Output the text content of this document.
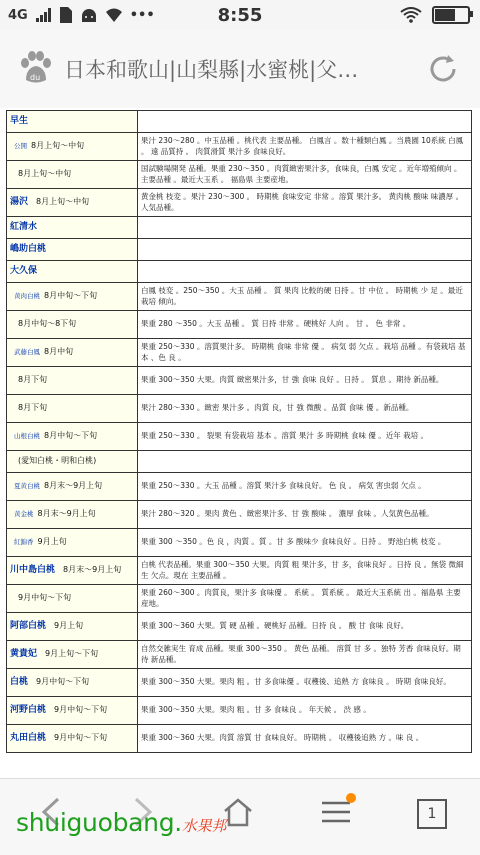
4G	•••	8:55
du 日本和歌山|山梨縣|水蜜桃|父…
早生	
公開 8月上旬～中旬	果汁 230～280 。中玉品種 。桃代表 主要品種。 白鳳言 。数十種類白鳳 。当農園 10系統 白鳳 。 遠 品質持 。 肉質滑質 果汁多 食味良好。
8月上旬～中旬	国試験場開発 品種。果重 230～350 。肉質緻密果汁多，食味良，白鳳 安定 。近年増殖傾向 。 主要品種 。最近大玉系 。 福島県 主要産地。
湯沢 8月上旬～中旬	黄金桃 枝変 。果汁 230～300 。 時期桃 食味安定 非常 。溶質 果汁多。 黄肉桃 酸味 味濃厚 。人気品種。
紅清水	
嶋助白桃	
大久保	
黄肉白桃 8月中旬～下旬	白鳳 枝変 。250～350 。大玉 品種 。 質 果肉 比較的硬 日持 。甘 中位 。 時期桃 少 足 。最近 栽培 傾向。
8月中旬～8下旬	果重 280 ～350 。大玉 品種 。 質 日持 非常 。硬桃好 人向 。 甘 。 色 非常 。
武藤白鳳 8月中旬	果重 250～330 。溶質果汁多。 時期桃 食味 非常 優 。 病気 弱 欠点 。栽培 品種 。有袋栽培 基本 、色 良 。
8月下旬	果重 300～350 大果。肉質 緻密果汁多，甘 強 食味 良好 。日持 。 質息 。期待 新品種。
8月下旬	果汁 280～330 。緻密 果汁多 。肉質 良，甘 強 微酸 。品質 食味 優 。新品種。
山根白桃 8月中旬～下旬	果重 250～330 。 裂果 有袋栽培 基本 。溶質 果汁 多 時期桃 食味 優 。近年 栽培 。
(愛知白桃・明和白桃)	
夏黄白桃 8月末～9月上旬	果重 250～330 。大玉 品種 。溶質 果汁多 食味良好。 色 良 。 病気 害虫弱 欠点 。
黄金桃 8月末～9月上旬	果汁 280～320 。果肉 黄色 、緻密果汁多、甘 強 酸味 。 濃厚 食味 。人気黄色品種。
紅錦香 9月上旬	果重 300 ～350 。色 良 ，肉質 。質 。甘 多 酸味少 食味良好 。日持 。 野池白桃 枝変 。
川中島白桃 8月末～9月上旬	白桃 代表品種。果重 300～350 大果。肉質 粗 果汁多，甘 多，食味良好 。日持 良 。無袋 微細 生 欠点。現在 主要品種 。
9月中旬～下旬	果重 260～300 。肉質良，果汁多 食味優 。 系統 。 質系統 。 最近大玉系統 出 。福島県 主要産地。
阿部白桃 9月上旬	果重 300～360 大果。質 硬 品種 。硬桃好 品種。日持 良 。 酸 甘 食味 良好。
黄貴妃 9月上旬～下旬	自然交雑実生 育成 品種。果重 300～350 。 黄色 品種。 溶質 甘 多 。独特 芳香 食味良好。期待 新品種。
白桃 9月中旬～下旬	果重 300～350 大果。果肉 粗 。甘 多食味優 。収穫後、追熟 方 食味良 。 時期 食味良好。
河野白桃 9月中旬～下旬	果重 300～350 大果。果肉 粗 。甘 多 食味良 。 年天候 。 渋 感 。
丸田白桃 9月中旬～下旬	果重 300～360 大果。肉質 溶質 甘 食味良好。 時期桃 。 収穫後追熟 方 。味 良 。
1
shuiguobang.水果邦
